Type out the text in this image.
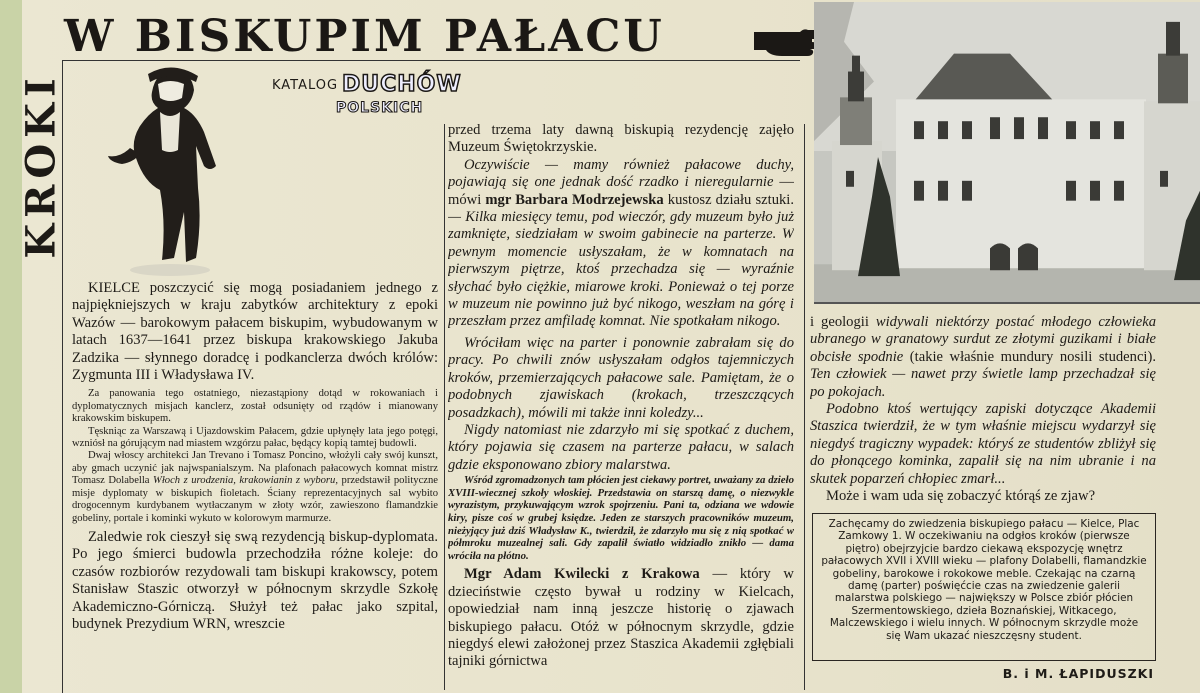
KROKI
W BISKUPIM PAŁACU
KATALOG DUCHÓW
POLSKICH

KIELCE poszczycić się mogą posiadaniem jednego z najpiękniejszych w kraju zabytków architektury z epoki Wazów — barokowym pałacem biskupim, wybudowanym w latach 1637—1641 przez biskupa krakowskiego Jakuba Zadzika — słynnego doradcę i podkanclerza dwóch królów: Zygmunta III i Władysława IV.

Za panowania tego ostatniego, niezastąpiony dotąd w rokowaniach i dyplomatycznych misjach kanclerz, został odsunięty od rządów i mianowany krakowskim biskupem.

Tęskniąc za Warszawą i Ujazdowskim Pałacem, gdzie upłynęły lata jego potęgi, wzniósł na górującym nad miastem wzgórzu pałac, będący kopią tamtej budowli.

Dwaj włoscy architekci Jan Trevano i Tomasz Poncino, włożyli cały swój kunszt, aby gmach uczynić jak najwspanialszym. Na plafonach pałacowych komnat mistrz Tomasz Dolabella Włoch z urodzenia, krakowianin z wyboru, przedstawił polityczne misje dyplomaty w biskupich fioletach. Ściany reprezentacyjnych sal wybito drogocennym kurdybanem wytłaczanym w złoty wzór, zawieszono flamandzkie gobeliny, portale i kominki wykuto w kolorowym marmurze.

Zaledwie rok cieszył się swą rezydencją biskup-dyplomata. Po jego śmierci budowla przechodziła różne koleje: do czasów rozbiorów rezydowali tam biskupi krakowscy, potem Stanisław Staszic otworzył w północnym skrzydle Szkołę Akademiczno-Górniczą. Służył też pałac jako szpital, budynek Prezydium WRN, wreszcie

przed trzema laty dawną biskupią rezydencję zajęło Muzeum Świętokrzyskie.

Oczywiście — mamy również pałacowe duchy, pojawiają się one jednak dość rzadko i nieregularnie — mówi mgr Barbara Modrzejewska kustosz działu sztuki. — Kilka miesięcy temu, pod wieczór, gdy muzeum było już zamknięte, siedziałam w swoim gabinecie na parterze. W pewnym momencie usłyszałam, że w komnatach na pierwszym piętrze, ktoś przechadza się — wyraźnie słychać było ciężkie, miarowe kroki. Ponieważ o tej porze w muzeum nie powinno już być nikogo, weszłam na górę i przeszłam przez amfiladę komnat. Nie spotkałam nikogo.

Wróciłam więc na parter i ponownie zabrałam się do pracy. Po chwili znów usłyszałam odgłos tajemniczych kroków, przemierzających pałacowe sale. Pamiętam, że o podobnych zjawiskach (krokach, trzeszczących posadzkach), mówili mi także inni koledzy...

Nigdy natomiast nie zdarzyło mi się spotkać z duchem, który pojawia się czasem na parterze pałacu, w salach gdzie eksponowano zbiory malarstwa.

Wśród zgromadzonych tam płócien jest ciekawy portret, uważany za dzieło XVIII-wiecznej szkoły włoskiej. Przedstawia on starszą damę, o niezwykle wyrazistym, przykuwającym wzrok spojrzeniu. Pani ta, odziana we wdowie kiry, pisze coś w grubej księdze. Jeden ze starszych pracowników muzeum, nieżyjący już dziś Władysław K., twierdził, że zdarzyło mu się z nią spotkać w półmroku muzealnej sali. Gdy zapalił światło widziadło znikło — dama wróciła na płótno.

Mgr Adam Kwilecki z Krakowa — który w dzieciństwie często bywał u rodziny w Kielcach, opowiedział nam inną jeszcze historię o zjawach biskupiego pałacu. Otóż w północnym skrzydle, gdzie niegdyś elewi założonej przez Staszica Akademii zgłębiali tajniki górnictwa

i geologii widywali niektórzy postać młodego człowieka ubranego w granatowy surdut ze złotymi guzikami i białe obcisłe spodnie (takie właśnie mundury nosili studenci). Ten człowiek — nawet przy świetle lamp przechadzał się po pokojach.

Podobno ktoś wertujący zapiski dotyczące Akademii Staszica twierdził, że w tym właśnie miejscu wydarzył się niegdyś tragiczny wypadek: któryś ze studentów zbliżył się do płonącego kominka, zapalił się na nim ubranie i na skutek poparzeń chłopiec zmarł...

Może i wam uda się zobaczyć którąś ze zjaw?

Zachęcamy do zwiedzenia biskupiego pałacu — Kielce, Plac Zamkowy 1. W oczekiwaniu na odgłos kroków (pierwsze piętro) obejrzyjcie bardzo ciekawą ekspozycję wnętrz pałacowych XVII i XVIII wieku — plafony Dolabelli, flamandzkie gobeliny, barokowe i rokokowe meble. Czekając na czarną damę (parter) poświęćcie czas na zwiedzenie galerii malarstwa polskiego — największy w Polsce zbiór płócien Szermentowskiego, dzieła Boznańskiej, Witkacego, Malczewskiego i wielu innych. W północnym skrzydle może się Wam ukazać nieszczęsny student.

B. i M. ŁAPIDUSZKI
